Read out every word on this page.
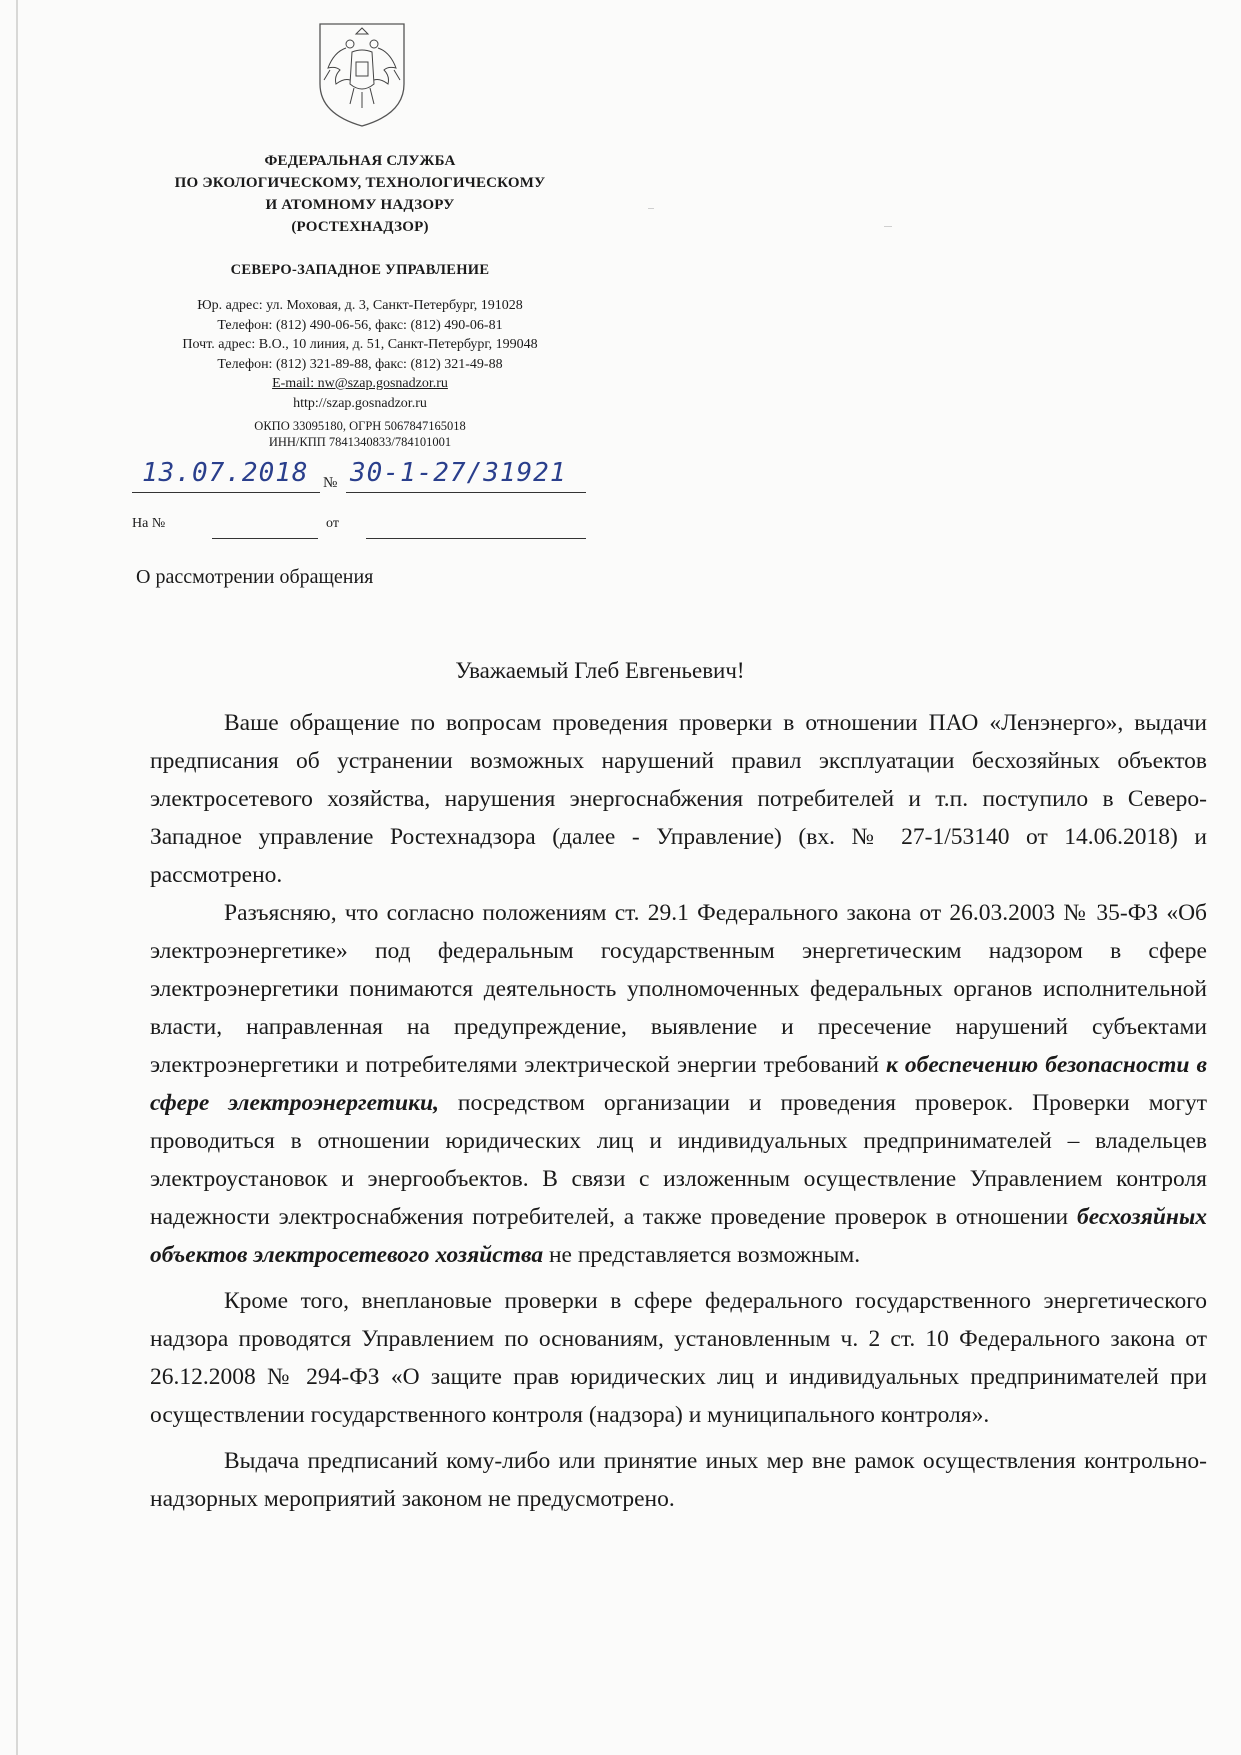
ФЕДЕРАЛЬНАЯ СЛУЖБА
ПО ЭКОЛОГИЧЕСКОМУ, ТЕХНОЛОГИЧЕСКОМУ
И АТОМНОМУ НАДЗОРУ
(РОСТЕХНАДЗОР)
СЕВЕРО-ЗАПАДНОЕ УПРАВЛЕНИЕ
Юр. адрес: ул. Моховая, д. 3, Санкт-Петербург, 191028
Телефон: (812) 490-06-56, факс: (812) 490-06-81
Почт. адрес: В.О., 10 линия, д. 51, Санкт-Петербург, 199048
Телефон: (812) 321-89-88, факс: (812) 321-49-88
E-mail: nw@szap.gosnadzor.ru
http://szap.gosnadzor.ru
ОКПО 33095180, ОГРН 5067847165018
ИНН/КПП 7841340833/784101001
13.07.2018 № 30-1-27/31921
На №	от
О рассмотрении обращения
Уважаемый Глеб Евгеньевич!

Ваше обращение по вопросам проведения проверки в отношении ПАО «Ленэнерго», выдачи предписания об устранении возможных нарушений правил эксплуатации бесхозяйных объектов электросетевого хозяйства, нарушения энергоснабжения потребителей и т.п. поступило в Северо-Западное управление Ростехнадзора (далее - Управление) (вх. № 27-1/53140 от 14.06.2018) и рассмотрено.

Разъясняю, что согласно положениям ст. 29.1 Федерального закона от 26.03.2003 № 35-ФЗ «Об электроэнергетике» под федеральным государственным энергетическим надзором в сфере электроэнергетики понимаются деятельность уполномоченных федеральных органов исполнительной власти, направленная на предупреждение, выявление и пресечение нарушений субъектами электроэнергетики и потребителями электрической энергии требований к обеспечению безопасности в сфере электроэнергетики, посредством организации и проведения проверок. Проверки могут проводиться в отношении юридических лиц и индивидуальных предпринимателей – владельцев электроустановок и энергообъектов. В связи с изложенным осуществление Управлением контроля надежности электроснабжения потребителей, а также проведение проверок в отношении бесхозяйных объектов электросетевого хозяйства не представляется возможным.

Кроме того, внеплановые проверки в сфере федерального государственного энергетического надзора проводятся Управлением по основаниям, установленным ч. 2 ст. 10 Федерального закона от 26.12.2008 № 294-ФЗ «О защите прав юридических лиц и индивидуальных предпринимателей при осуществлении государственного контроля (надзора) и муниципального контроля».

Выдача предписаний кому-либо или принятие иных мер вне рамок осуществления контрольно-надзорных мероприятий законом не предусмотрено.
